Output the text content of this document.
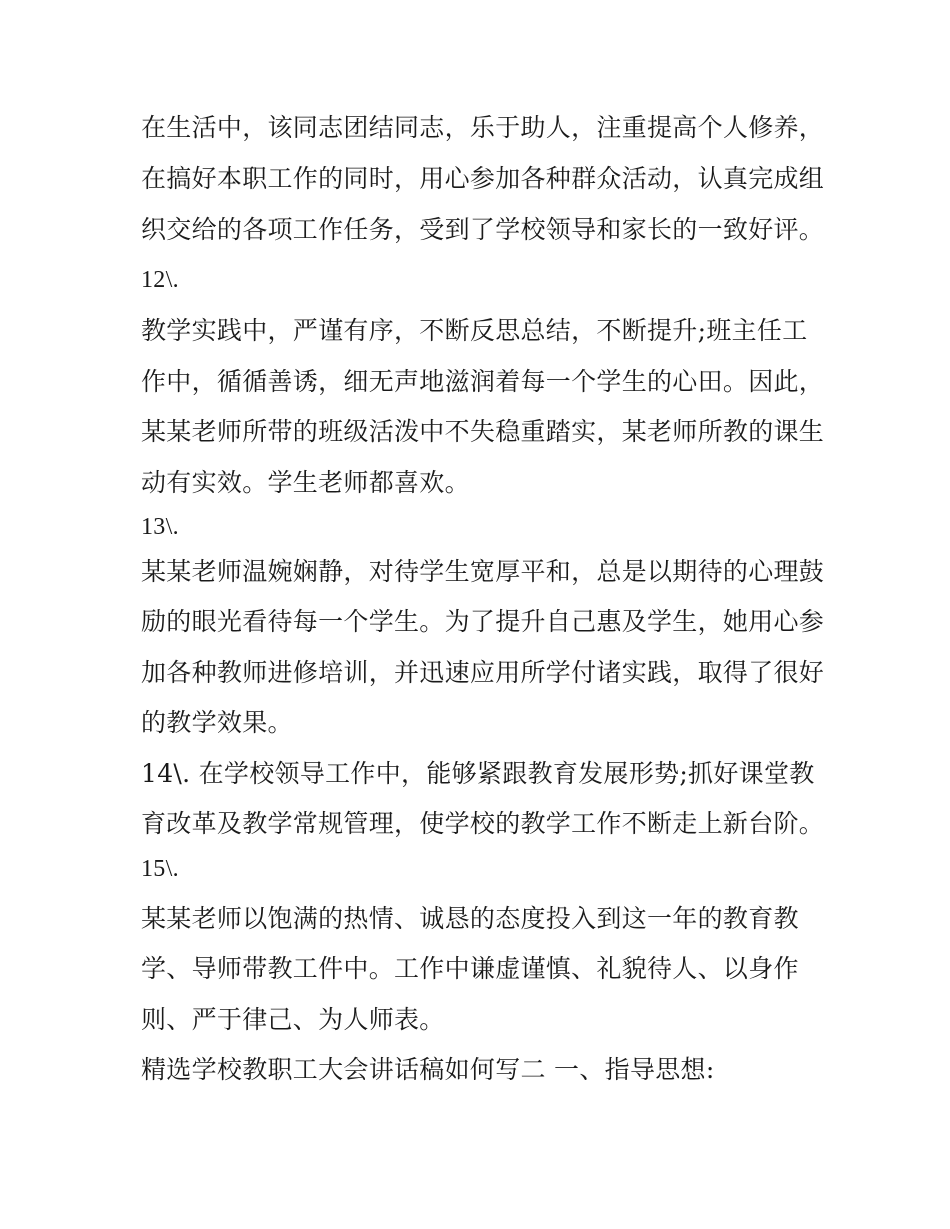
在生活中，该同志团结同志，乐于助人，注重提高个人修养，
在搞好本职工作的同时，用心参加各种群众活动，认真完成组
织交给的各项工作任务，受到了学校领导和家长的一致好评。
12\.
教学实践中，严谨有序，不断反思总结，不断提升;班主任工
作中，循循善诱，细无声地滋润着每一个学生的心田。因此，
某某老师所带的班级活泼中不失稳重踏实，某老师所教的课生
动有实效。学生老师都喜欢。
13\.
某某老师温婉娴静，对待学生宽厚平和，总是以期待的心理鼓
励的眼光看待每一个学生。为了提升自己惠及学生，她用心参
加各种教师进修培训，并迅速应用所学付诸实践，取得了很好
的教学效果。
14\. 在学校领导工作中，能够紧跟教育发展形势;抓好课堂教
育改革及教学常规管理，使学校的教学工作不断走上新台阶。
15\.
某某老师以饱满的热情、诚恳的态度投入到这一年的教育教
学、导师带教工件中。工作中谦虚谨慎、礼貌待人、以身作
则、严于律己、为人师表。
精选学校教职工大会讲话稿如何写二 一、指导思想:
